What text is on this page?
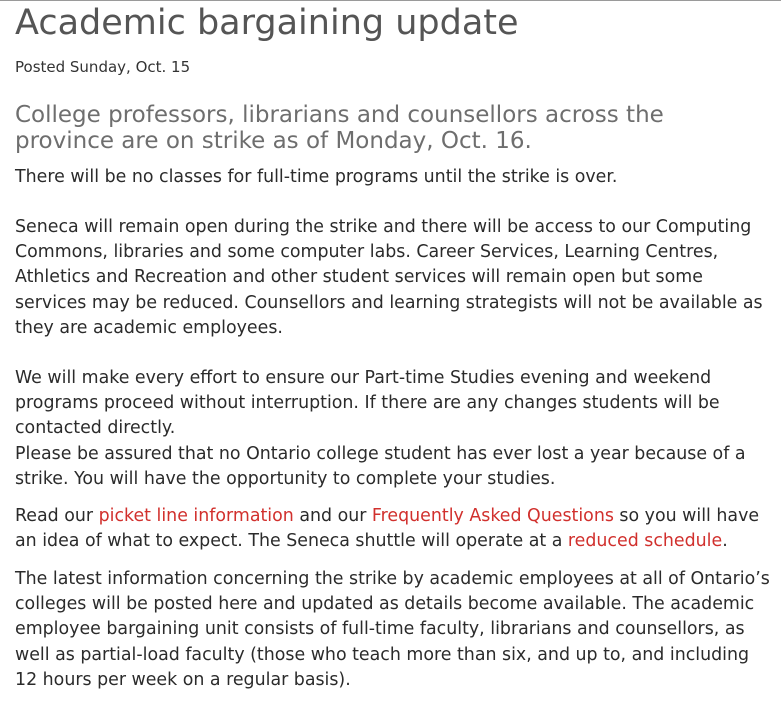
Academic bargaining update
Posted Sunday, Oct. 15
College professors, librarians and counsellors across the province are on strike as of Monday, Oct. 16.

There will be no classes for full-time programs until the strike is over.

Seneca will remain open during the strike and there will be access to our Computing Commons, libraries and some computer labs. Career Services, Learning Centres, Athletics and Recreation and other student services will remain open but some services may be reduced. Counsellors and learning strategists will not be available as they are academic employees.

We will make every effort to ensure our Part-time Studies evening and weekend programs proceed without interruption. If there are any changes students will be contacted directly.

Please be assured that no Ontario college student has ever lost a year because of a strike. You will have the opportunity to complete your studies.

Read our picket line information and our Frequently Asked Questions so you will have an idea of what to expect. The Seneca shuttle will operate at a reduced schedule.

The latest information concerning the strike by academic employees at all of Ontario’s colleges will be posted here and updated as details become available. The academic employee bargaining unit consists of full-time faculty, librarians and counsellors, as well as partial-load faculty (those who teach more than six, and up to, and including 12 hours per week on a regular basis).
